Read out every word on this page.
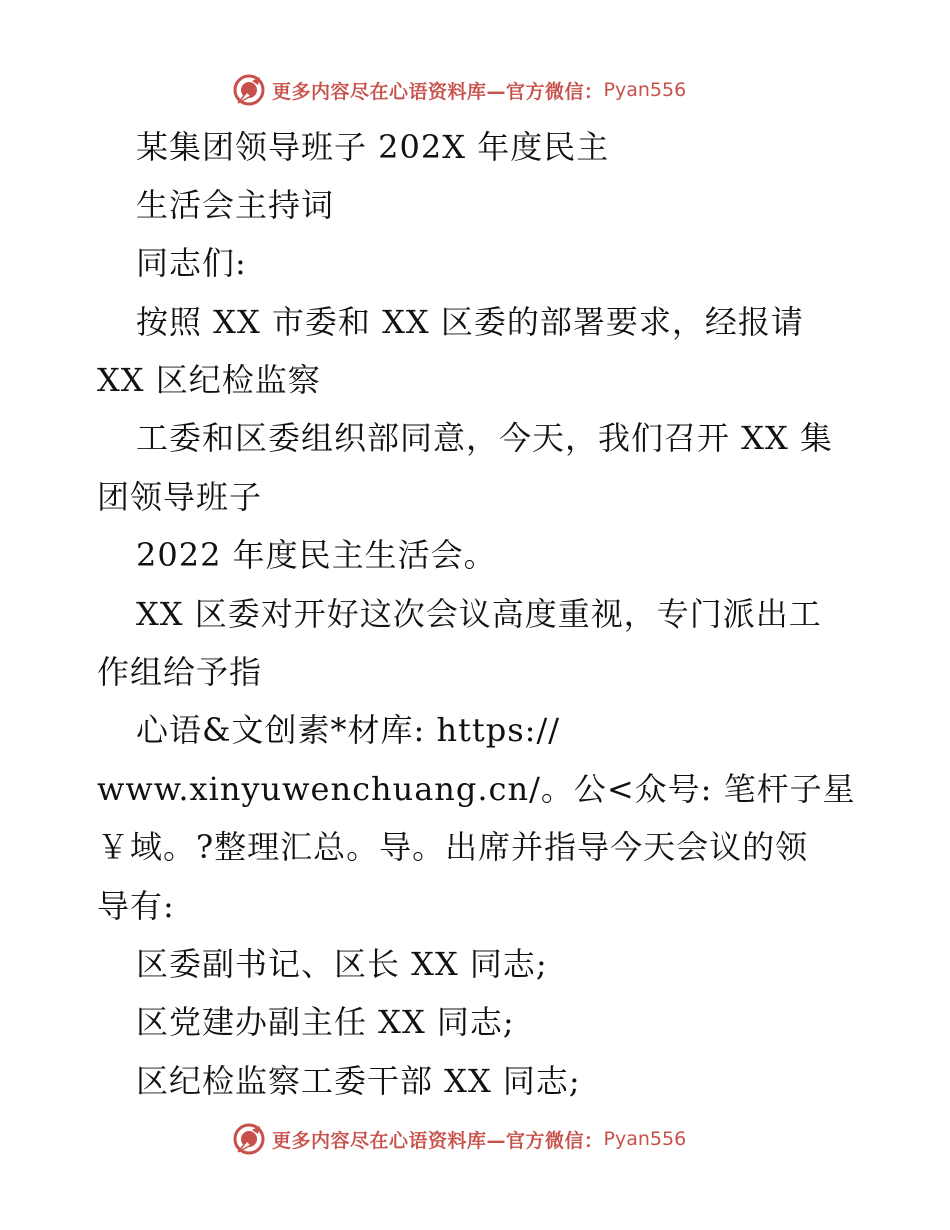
更多内容尽在心语资料库—官方微信： Pyan556

某集团领导班子 202X 年度民主

生活会主持词

同志们:

按照 XX 市委和 XX 区委的部署要求，经报请

XX 区纪检监察

工委和区委组织部同意，今天，我们召开 XX 集

团领导班子

2022 年度民主生活会。

XX 区委对开好这次会议高度重视，专门派出工

作组给予指

心语&文创素*材库: https://

www.xinyuwenchuang.cn/。公<众号: 笔杆子星

￥域。?整理汇总。导。出席并指导今天会议的领

导有:

区委副书记、区长 XX 同志;

区党建办副主任 XX 同志;

区纪检监察工委干部 XX 同志;

更多内容尽在心语资料库—官方微信： Pyan556
